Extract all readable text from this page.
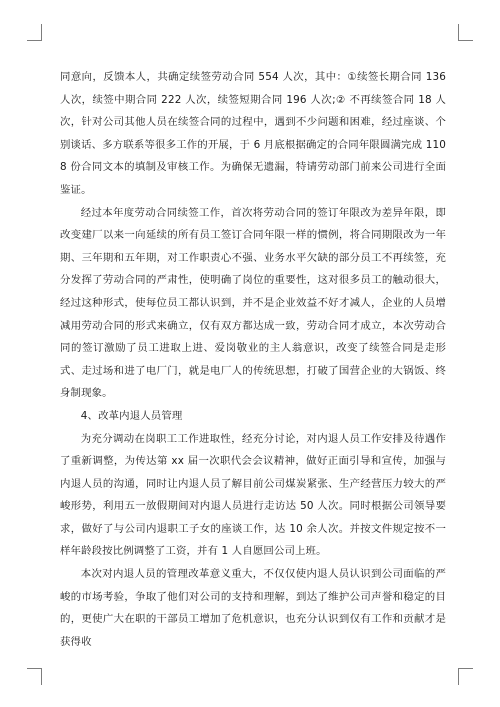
同意向，反馈本人，共确定续签劳动合同 554 人次，其中：①续签长期合同 136 人次，续签中期合同 222 人次，续签短期合同 196 人次;② 不再续签合同 18 人次，针对公司其他人员在续签合同的过程中，遇到不少问题和困难，经过座谈、个别谈话、多方联系等很多工作的开展，于 6 月底根据确定的合同年限圆满完成 1108 份合同文本的填制及审核工作。为确保无遗漏，特请劳动部门前来公司进行全面鉴证。

经过本年度劳动合同续签工作，首次将劳动合同的签订年限改为差异年限，即改变建厂以来一向延续的所有员工签订合同年限一样的惯例，将合同期限改为一年期、三年期和五年期，对工作职责心不强、业务水平欠缺的部分员工不再续签，充分发挥了劳动合同的严肃性，使明确了岗位的重要性，这对很多员工的触动很大，经过这种形式，使每位员工都认识到，并不是企业效益不好才减人，企业的人员增减用劳动合同的形式来确立，仅有双方都达成一致，劳动合同才成立，本次劳动合同的签订激励了员工进取上进、爱岗敬业的主人翁意识，改变了续签合同是走形式、走过场和进了电厂门，就是电厂人的传统思想，打破了国营企业的大锅饭、终身制现象。

4、改革内退人员管理

为充分调动在岗职工工作进取性，经充分讨论，对内退人员工作安排及待遇作了重新调整，为传达第 xx 届一次职代会会议精神，做好正面引导和宣传，加强与内退人员的沟通，同时让内退人员了解目前公司煤炭紧张、生产经营压力较大的严峻形势，利用五一放假期间对内退人员进行走访达 50 人次。同时根据公司领导要求，做好了与公司内退职工子女的座谈工作，达 10 余人次。并按文件规定按不一样年龄段按比例调整了工资，并有 1 人自愿回公司上班。

本次对内退人员的管理改革意义重大，不仅仅使内退人员认识到公司面临的严峻的市场考验，争取了他们对公司的支持和理解，到达了维护公司声誉和稳定的目的，更使广大在职的干部员工增加了危机意识，也充分认识到仅有工作和贡献才是获得收
